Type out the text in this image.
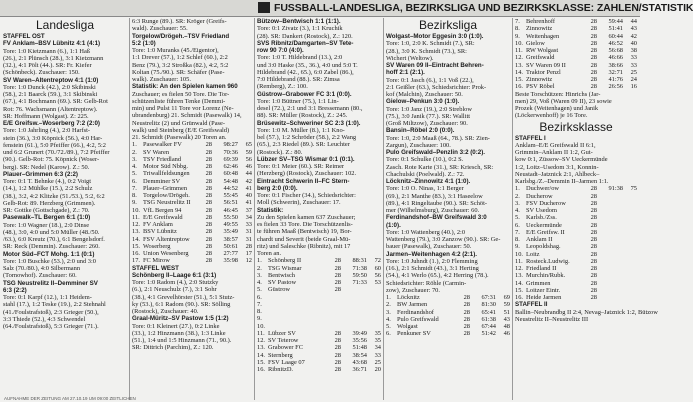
FUSSBALL-LANDESLIGA, BEZIRKSLIGA UND BEZIRKSKLASSE: ZAHLEN/STATISTIK
Landesliga
STAFFEL OST
FV Anklam–BSV Lübnitz 4:1 (4:1)
Tore: 1:0 Kietzmann (6.), 1:1 Haß
(26.), 2:1 Plünsch (28.), 3:1 Kietzmann
(32.), 4:1 Pölt (44.). SR: Fr. Kiefer
(Schönbeck). Zuschauer: 150.
SV Waren–Altentreptow 4:1 (1:0)
Tore: 1:0 Dunck (42.), 2:0 Skibinski
(58.), 2:1 Baarck (59.), 3:1 Skibinski
(67.), 4:1 Bochmann (69.). SR: Gelb-Rot
Rot: 76. Wachsmann (Altentreptow).
SR: Hoffmann (Wolgast). Z: 225.
E/E Greifsw.–Woserberg 7:2 (2:0)
Tore: 1:0 Jahrling (4.), 2:0 Harfst-
stein (36.), 3:0 Köpnick (56.), 4:0 Har-
fenstein (61.), 5:0 Pfeiffer (66.), 4:2, 5:2
und 6:2 Grunert (70./72./89.), 7:2 Pfeiffer
(90.). Gelb-Rot: 75. Köpnick (Woser-
berg). SR: Nedel (Karow). Z.: 50.
Plauer–Grimmen 6:3 (2:2)
Tore: 0:1 T. Behnke (4.), 0:2 Voigt
(14.), 1:2 Mühlke (15.), 2:2 Schulz
(38.), 3:2, 4:2 Klitzke (51./53.), 5:2, 6:2
Gelb-Rot: 89. Herzberg (Grimmen).
SR: Gottke (Gottschgade), Z.: 70.
Pasewalk–TL Bergen 6:1 (1:0)
Tore: 1:0 Wagner (18.), 2:0 Dinse
(48.), 3:0, 4:0 und 5:0 Müller (48./50.
/63.), 6:0 Kreutz (70.), 6:1 Bengelsdorf.
SR: Reck (Demmin). Zuschauer: 260.
Motor Süd–FCT Mohg. 1:1 (0:1)
Tore: 1:0 Buschke (53.), 2:0 und 3:0
Salz (70./80.), 4:0 Silbermann
(Tornowhof). Zuschauer: 60.
TSG Neustrelitz II–Demminer SV
6:3 (2:2)
Tore: 0:1 Karpf (12.), 1:1 Heidem-
stahl (17.), 1:2 Teske (19.), 2:2 Stehnahl
(41./Foulstrafstoß), 2:3 Grieger (50.),
3:3 Thiede (52.), 4:3 Schwendel
(64./Foulstrafstoß), 5:3 Grieger (71.).
6:3 Runge (89.). SR: Kröger (Greifs-
wald). Zuschauer: 55.
Torgelow/Drögeh.–TSV Friedland
5:2 (1:0)
Tore: 1:0 Muranks (45./Eigentor),
1:1 Drever (57.), 1:2 Schlef (60.), 2:2
Benz (79.), 3:2 Stroßka (82.), 4:2, 5:2
Koltan (75./90.). SR: Schäfer (Pase-
walk). Zuschauer: 105.
Statistik: An den Spielen kamen 960
Zuschauer; es fielen 50 Tore. Die Tor-
schützenliste führen Tenke (Demmi-
min) und Pulst 11 Tore vor Lorenz (Ne-
ubrandenburg) 21. Schmidt (Pasewalk) 14,
Neustrelitz (2) und Grünwald (Pase-
walk) und Steinberg (E/E Greifswald)
21. Schmidt (Pasewalk) 20 Toren an.
1.	Pasewalker FV	28	98:27	65
2.	SV Waren	28	70:36	59
3.	TSV Friedland	28	69:39	56
4.	Motor Süd Nbbg.	28	62:46	46
5.	Triwallfeldsungen	28	60:48	44
6.	Demminer SV	28	54:48	42
7.	Plauer–Grimmen	28	44:52	41
8.	Torgelow/Drögeh.	28	55:45	40
9.	TSG Neustrelitz II	28	56:51	41
10.	VfL Bergen 94	28	46:45	37
11.	E/E Greifswald	28	55:50	34
12.	FV Anklam	28	49:55	33
13.	BSV Lübnitz	28	35:49	31
14.	FSV Altentreptow	28	38:57	31
15.	Woserberg	28	50:61	28
16.	Union Wesenberg	28	27:77	17
17.	FC Mirow	28	35:98	12
STAFFEL WEST
Schönberg II–Laage 6:1 (3:1)
Tore: 1:0 Radom (4.), 2:0 Stutzky
(6.), 2:1 Neuschulz (7.), 3:1 Sohr
(38.), 4:1 Grevelhörster (51.), 5:1 Stutz-
ky (53.), 6:1 Radom (90.). SR: Sölling
(Rostock), Zuschauer: 40.
Graal-Müritz–SV Pastow 1:5 (1:2)
Tore: 0:1 Kleinert (27.), 0:2 Linke
(33.), 1:2 Hinzmann (38.), 1:3 Linke
(51.), 1:4 und 1:5 Hinzmann (71., 90.).
SR: Dittrich (Parchim), Z.: 120.
Bützow–Bentwisch 1:1 (1:1).
Tore: 0:1 Zivatz (3.), 1:1 Kruchik
(28). SR: Dankert (Rostock), Z.: 120.
SVS Ribnitz/Damgarten–SV Tete-
row 90 7:0 (4:0).
Tore: 1:0 T. Hildebrand (13.), 2:0
und 3:0 Haske (35., 36.), 4:0 und 5:0 T.
Hildebrand (42., 65.), 6:0 Zabel (86.),
7:0 Hildebrand (88.). SR: Zimsa
(Remberg), Z.: 100.
Güstrow–Grabower FC 3:1 (0:0).
Tore: 1:0 Büttner (75.), 1:1 Lin-
desel (72.), 2:1 und 3:1 Bressemann (80.,
88). SR: Müller (Rostock), Z.: 245.
Brüsewitz–Schweriner SC 2:3 (1:0).
Tore: 1:0 M. Müller (8.), 1:1 Kno-
bel (57.), 1:2 Schröder (58.), 2:2 Wang
(65.), 2:3 Riedel (89.). SR: Leuchter
(Rostock). Z.: 80.
Lübzer SV–TSG Wismar 0:1 (0:1).
Tore: 0:1 Meier (60.). SR: Reimer
(Herzberg) (Rostock), Zuschauer: 102.
Eintracht Schwerin II–FC Stern-
berg 2:0 (0:0).
Tore: 0:1 Fischer (34.), Schiedsrichter:
Moll (Schwerin), Zuschauer: 17.
Statistik:
Zu den Spielen kamen 637 Zuschauer;
es fielen 33 Tore. Die Torschützenlis-
te führen Maaß (Bentwisch) 19, Bor-
chardt und Severit (beide Graal-Mü-
ritz) und Saleschke (Ribnitz), mit 17
Toren an.
1.	Schönberg II	28	88:31	72
2.	TSG Wismar	28	71:38	60
3.	Bentwisch	28	59:50	56
4.	SV Pastow	28	71:33	53
5.	Güstrow	28		
6.				
7.				
8.				
9.				
10.				
11.	Lübzer SV	28	39:49	35
12.	SV Teterow	28	35:56	35
13.	Grabower FC	28	51:48	34
14.	Sternberg	28	38:54	33
15.	FSV Laage 07	28	43:68	25
16.	RibnitzD.	28	36:71	20
Bezirksliga
Wolgast–Motor Eggesin 3:0 (1:0).
Tore: 1:0, 2:0 K. Schmidt (7.), SR:
(28.), 3:0 K. Schmidt (73.), SR:
Wichert (Weltow).
SV Waren 09 II–Eintracht Behren-
hoff 2:1 (2:1).
Tore: 0:1 Jasch (6.), 1:1 Voß (22.),
2:1 Geißler (63.), Schiedsrichter: Prok-
kof (Malchin), Zuschauer: 50.
Gielow–Penkun 3:0 (1:0).
Tore: 1:0 Janz (19.), 2:0 Streblow
(75.), 3:0 Janik (77.). SR: Wallitt
(Groß Miltzow), Zuschauer: 90.
Bansin–Röbel 2:0 (0:0).
Tore: 1:0, 2:0 Maaß (64., 78.). SR: Zien-
Zargun), Zuschauer: 100.
Pulo Greifswald–Penzlin 3:2 (0:2).
Tore: 0:1 Schulke (10.), 0:2 S.
Zasch. Rote Karte (31.), SR: Kriesch, SR:
Chachulski (Poelwald). Z.: 72.
Löcknitz–Zinnowitz 4:1 (1:0).
Tore: 1:0 O. Ninas, 1:1 Berger
(69.), 2:1 Manthe (83.), 3:1 Haseelow
(89.), 4:1 Ringeltaube (90.). SR: Schöt-
mer (Wilhelmsburg), Zuschauer: 60.
Ferdinandshof–BW Greifswald 3:0
(1:0).
Tore: 1:0 Wattenberg (40.), 2:0
Wattenberg (79.), 3:0 Zanzow (90.). SR: Ge-
bauer (Pasewalk), Zuschauer: 50.
Jarmen–Weitenhagen 4:2 (2:1).
Tore: 1:0 Juhndt (1.), 2:0 Flemming
(16.), 2:1 Schmidt (43.), 3:1 Herting
(54.), 4:1 Werlo (65.), 4:2 Herring (78.).
Schiedsrichter: Röhle (Carmin-
zow), Zuschauer: 70.
1.	Löcknitz	28	67:31	69
2.	BW Jarmen	28	81:30	59
3.	Ferdinandshof	28	65:41	51
4.	Pulo Greifswald	28	61:38	43
5.	Wolgast	28	67:44	48
6.	Penkuner SV	28	51:42	46
7.	Behrenhoff	28	59:44	44
8.	Zinnowitz	28	51:41	43
9.	Weitenhagen	28	60:44	42
10.	Gielow	28	46:52	40
11.	RW Wolgast	28	56:68	38
12.	Greifswald	28	46:66	33
13.	SV Waren 09 II	28	38:66	33
14.	Traktor Penzl	28	32:71	25
15.	Zinnowitz	28	41:76	24
16.	PSV Röbel	28	26:56	16
Beste Torschützen: Hinrichs (Jar-
men) 29, Voß (Waren 09 II), 23 sowie
Prozek (Weitenhagen) und Janik
(Löckerwenhoff) je 16 Tore.
Bezirksklasse
STAFFEL I
Anklam–E/E Greifswald II 6:1,
Grimmin–Anklam II 1:2, Gut-
kow 0:1, Züssow–SV Ueckermünde
1:2, Loitz–Usedom 3:1, Konnin-
Neustadt–Jatznick 2:1, Ahlbeck–
Karlsbg./Z.–Demmin II–Jarmen 1:1.
1.	Duchwer/ow	28	91:38	75
2.	Ducherow	28		
3.	FSV Ducherow	28		
4.	SV Usedom	28		
5.	Karlsb./Zss.	28		
6.	Ueckermünde	28		
7.	E/E Greifsw. II	28		
8.	Anklam II	28		
9.	Leopoldshag.	28		
10.	Loitz	28		
11.	Rosteck.Ludwig.	28		
12.	Friedland II	28		
13.	Murchin/Rubk.	28		
14.	Grimmen	28		
15.	Loitzer Eintr.	28		
16.	Heide Jarmen	28		
STAFFEL II
Ballin–Neubrandbg II 2:4, Nevag–Jatznick 1:2, Bützow
Neustrelitz II–Neustrelitz III
AUFNAHME DER ZEITUNG AM 27.10.19 UM 09:00 ZEITLICHEN
